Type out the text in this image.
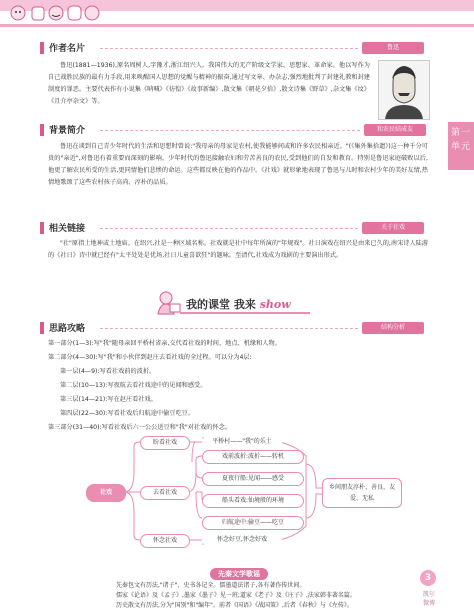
第一单元
作者名片	鲁迅

鲁迅(1881—1936),原名周树人,字豫才,浙江绍兴人。我国伟大的无产阶级文学家、思想家、革命家。他以写作为自己战胜民族的最有力手段,用来唤醒国人思想的觉醒与精神的振奋,通过写文章、办杂志,强烈地批判了封建礼教和封建制度的罪恶。主要代表作有小说集《呐喊》《彷徨》《故事新编》,散文集《朝花夕拾》,散文诗集《野草》,杂文集《坟》《且介亭杂文》等。

背景简介	和农民结成友

鲁迅在谈到自己青少年时代的生活和思想时曾说:"我母亲的母家是农村,使我能够间或和许多农民相亲近。"(《集外集拾遗》)这一种千分可贵的"亲近",对鲁迅有着重要而深刻的影响。少年时代的鲁迅接触农妇和劳苦善良的农民,受到他们的自发和教育。特别是鲁迅家庭破败以后,他更了解农民所受的生活,更同情他们悲惨的命运。这些都反映在他的作品中。《社戏》就形象地表现了鲁迅与儿时和农村少年的美好友情,热情地歌颂了这些农村孩子高尚、淳朴的品质。

相关链接	关于社戏

"社"原指土地神或土地庙。在绍兴,社是一种区域名称。社戏就是社中每年所演的"年规戏"。社日演戏在绍兴是由来已久的,南宋诗人陆游的《社日》诗中就已经有"太平处处是优场,社日儿童喜欲狂"的题咏。至清代,社戏成为戏剧的主要演出形式。

我的课堂 我来 show
思路攻略	结构分析
第一部分(1—3):写"我"随母亲回平桥村省亲,交代看社戏的时间、地点、机缘和人物。
第二部分(4—30):写"我"和小伙伴到赵庄去看社戏的全过程。可以分为4层:
第一层(4—9):写看社戏前的波折。
第二层(10—13):写夜航去看社戏途中的见闻和感受。
第三层(14—21):写在赵庄看社戏。
第四层(22—30):写看社戏后归航途中偷豆吃豆。
第三部分(31—40):写看社戏后六一公公送豆和"我"对社戏的怀念。
社戏
盼看社戏	平桥村——"我"的乐土
去看社戏
戏前波折:波折——转机
夏夜行船:见闻——感受
船头看戏:仙境般的环境
归航途中:偷豆——吃豆
怀念社戏	怀念好豆,怀念好戏
乡间朋友淳朴、善良、友爱、无私
先秦文学歌谣
先秦包文有历法,"诸子"、史书各记全。儒墨道法诸子,各有著作传世间。
儒家《论语》及《孟子》,墨家《墨子》见一班;道家《老子》及《庄子》,法家韩非著名篇。
历史散文有历法,分为"国别"和"编年"。前者《国语》《战国策》,后者《春秋》与《左传》。
3
凯尔
微博
